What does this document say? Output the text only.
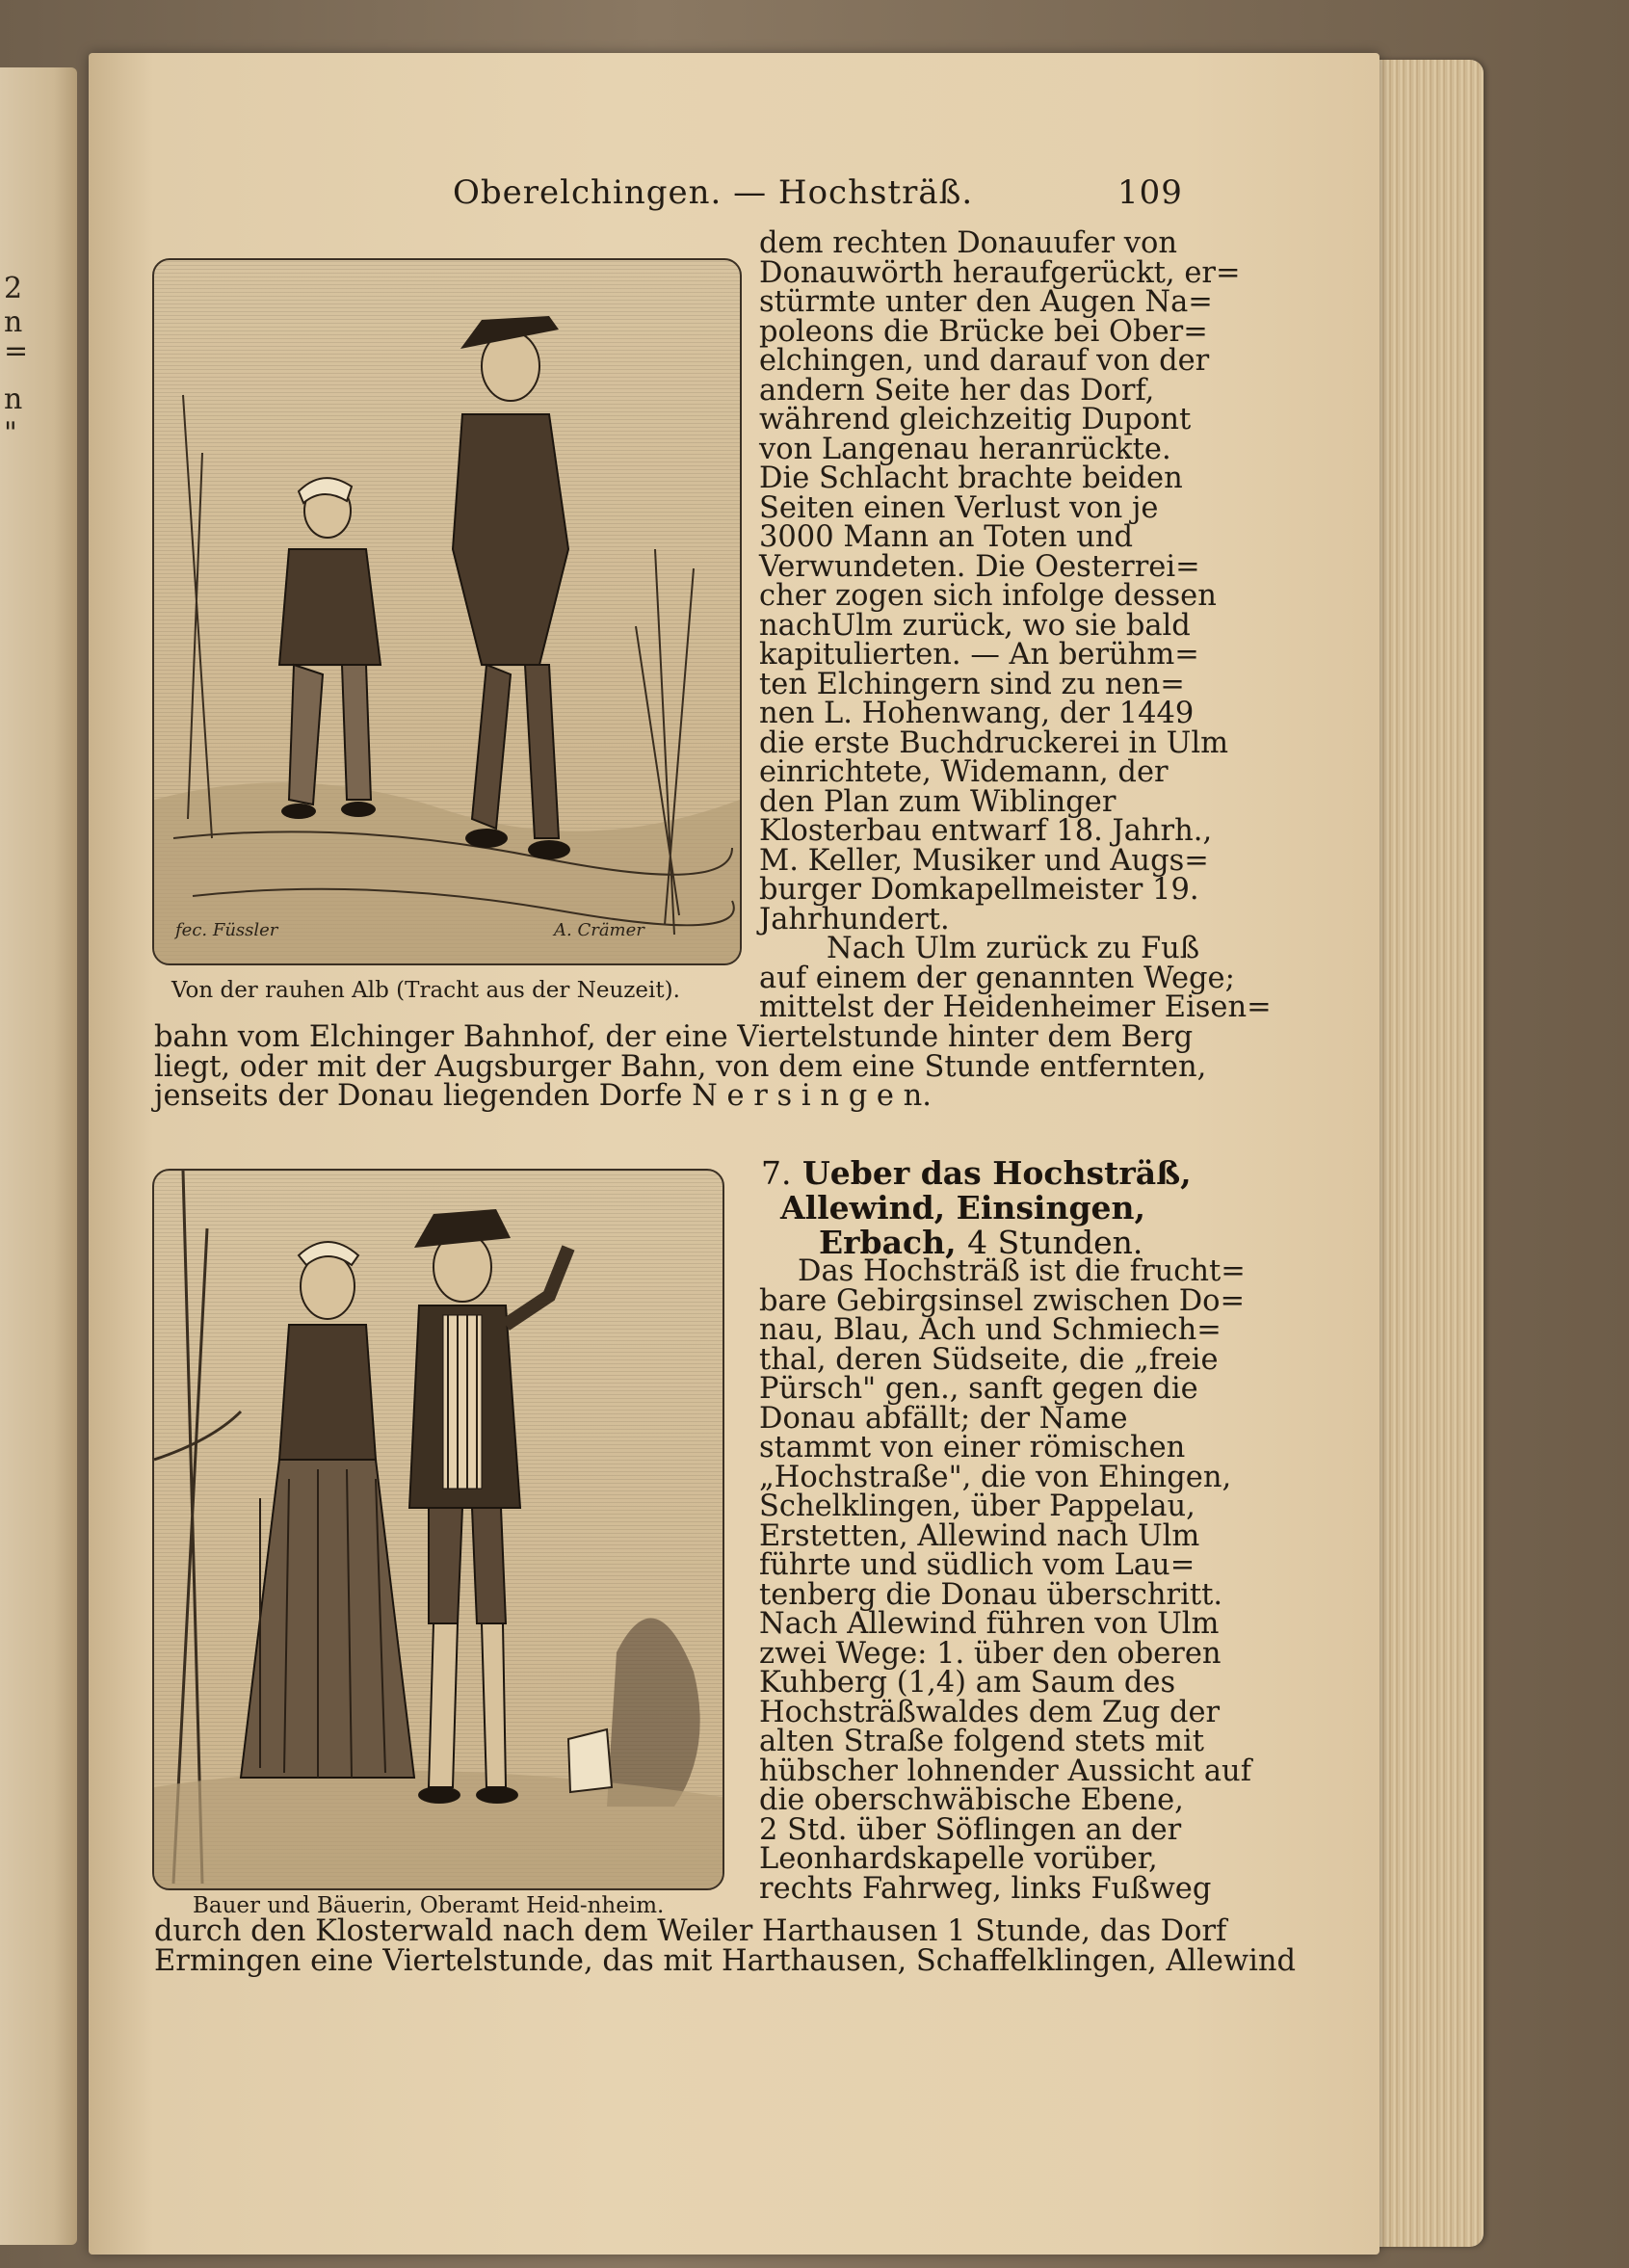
2
n
=
n
"
Oberelchingen. — Hochsträß.	109
fec. Füssler	A. Crämer
Von der rauhen Alb (Tracht aus der Neuzeit).
dem rechten Donauufer von
Donauwörth heraufgerückt, er=
stürmte unter den Augen Na=
poleons die Brücke bei Ober=
elchingen, und darauf von der
andern Seite her das Dorf,
während gleichzeitig Dupont
von Langenau heranrückte.
Die Schlacht brachte beiden
Seiten einen Verlust von je
3000 Mann an Toten und
Verwundeten. Die Oesterrei=
cher zogen sich infolge dessen
nachUlm zurück, wo sie bald
kapitulierten. — An berühm=
ten Elchingern sind zu nen=
nen L. Hohenwang, der 1449
die erste Buchdruckerei in Ulm
einrichtete, Widemann, der
den Plan zum Wiblinger
Klosterbau entwarf 18. Jahrh.,
M. Keller, Musiker und Augs=
burger Domkapellmeister 19.
Jahrhundert.
Nach Ulm zurück zu Fuß
auf einem der genannten Wege;
mittelst der Heidenheimer Eisen=
bahn vom Elchinger Bahnhof, der eine Viertelstunde hinter dem Berg
liegt, oder mit der Augsburger Bahn, von dem eine Stunde entfernten,
jenseits der Donau liegenden Dorfe N e r s i n g e n.
Bauer und Bäuerin, Oberamt Heid-nheim.
7. Ueber das Hochsträß,
Allewind, Einsingen,
Erbach, 4 Stunden.
Das Hochsträß ist die frucht=
bare Gebirgsinsel zwischen Do=
nau, Blau, Ach und Schmiech=
thal, deren Südseite, die „freie
Pürsch" gen., sanft gegen die
Donau abfällt; der Name
stammt von einer römischen
„Hochstraße", die von Ehingen,
Schelklingen, über Pappelau,
Erstetten, Allewind nach Ulm
führte und südlich vom Lau=
tenberg die Donau überschritt.
Nach Allewind führen von Ulm
zwei Wege: 1. über den oberen
Kuhberg (1,4) am Saum des
Hochsträßwaldes dem Zug der
alten Straße folgend stets mit
hübscher lohnender Aussicht auf
die oberschwäbische Ebene,
2 Std. über Söflingen an der
Leonhardskapelle vorüber,
rechts Fahrweg, links Fußweg
durch den Klosterwald nach dem Weiler Harthausen 1 Stunde, das Dorf
Ermingen eine Viertelstunde, das mit Harthausen, Schaffelklingen, Allewind
